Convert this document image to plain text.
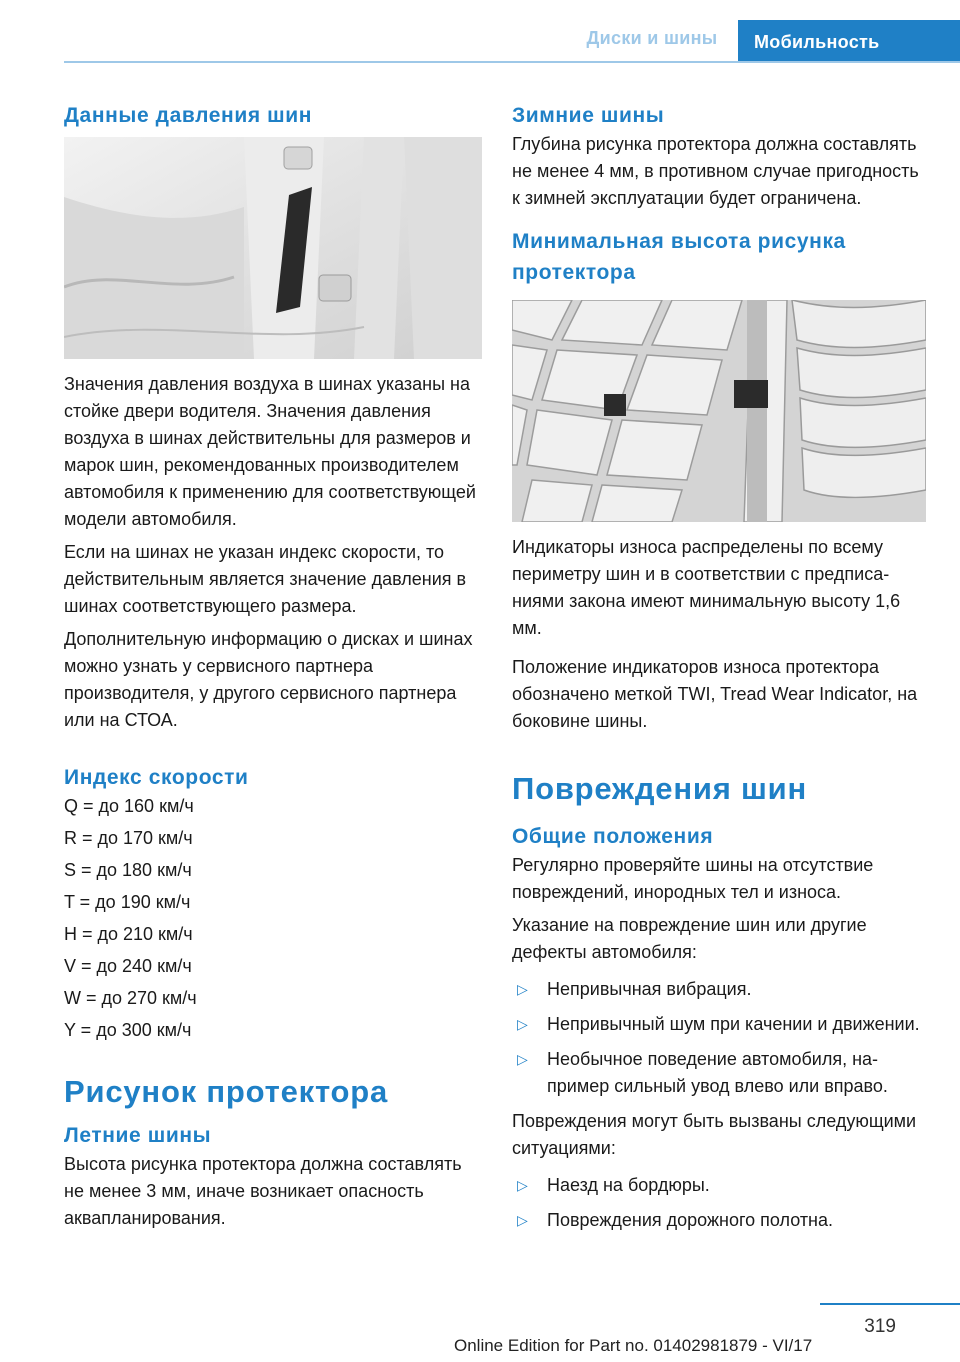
Диски и шины	Мобильность
Данные давления шин

Значения давления воздуха в шинах указаны на стойке двери водителя. Значения давления воздуха в шинах действительны для размеров и марок шин, рекомендованных производителем автомобиля к применению для соответствующей модели автомобиля.

Если на шинах не указан индекс скорости, то действительным является значение давления в шинах соответствующего размера.

Дополнительную информацию о дисках и шинах можно узнать у сервисного партнера производителя, у другого сервисного партнера или на СТОА.

Индекс скорости

Q = до 160 км/ч

R = до 170 км/ч

S = до 180 км/ч

T = до 190 км/ч

H = до 210 км/ч

V = до 240 км/ч

W = до 270 км/ч

Y = до 300 км/ч

Рисунок протектора
Летние шины

Высота рисунка протектора должна составлять не менее 3 мм, иначе возникает опасность аквапланирования.

Зимние шины

Глубина рисунка протектора должна составлять не менее 4 мм, в противном случае пригодность к зимней эксплуатации будет ограничена.

Минимальная высота рисунка протектора

Индикаторы износа распределены по всему периметру шин и в соответствии с предписаниями закона имеют минимальную высоту 1,6 мм.

Положение индикаторов износа протектора обозначено меткой TWI, Tread Wear Indicator, на боковине шины.

Повреждения шин
Общие положения

Регулярно проверяйте шины на отсутствие повреждений, инородных тел и износа.

Указание на повреждение шин или другие дефекты автомобиля:

▷ Непривычная вибрация.
▷ Непривычный шум при качении и движении.
▷ Необычное поведение автомобиля, например сильный увод влево или вправо.

Повреждения могут быть вызваны следующими ситуациями:

▷ Наезд на бордюры.
▷ Повреждения дорожного полотна.
319
Online Edition for Part no. 01402981879 - VI/17
